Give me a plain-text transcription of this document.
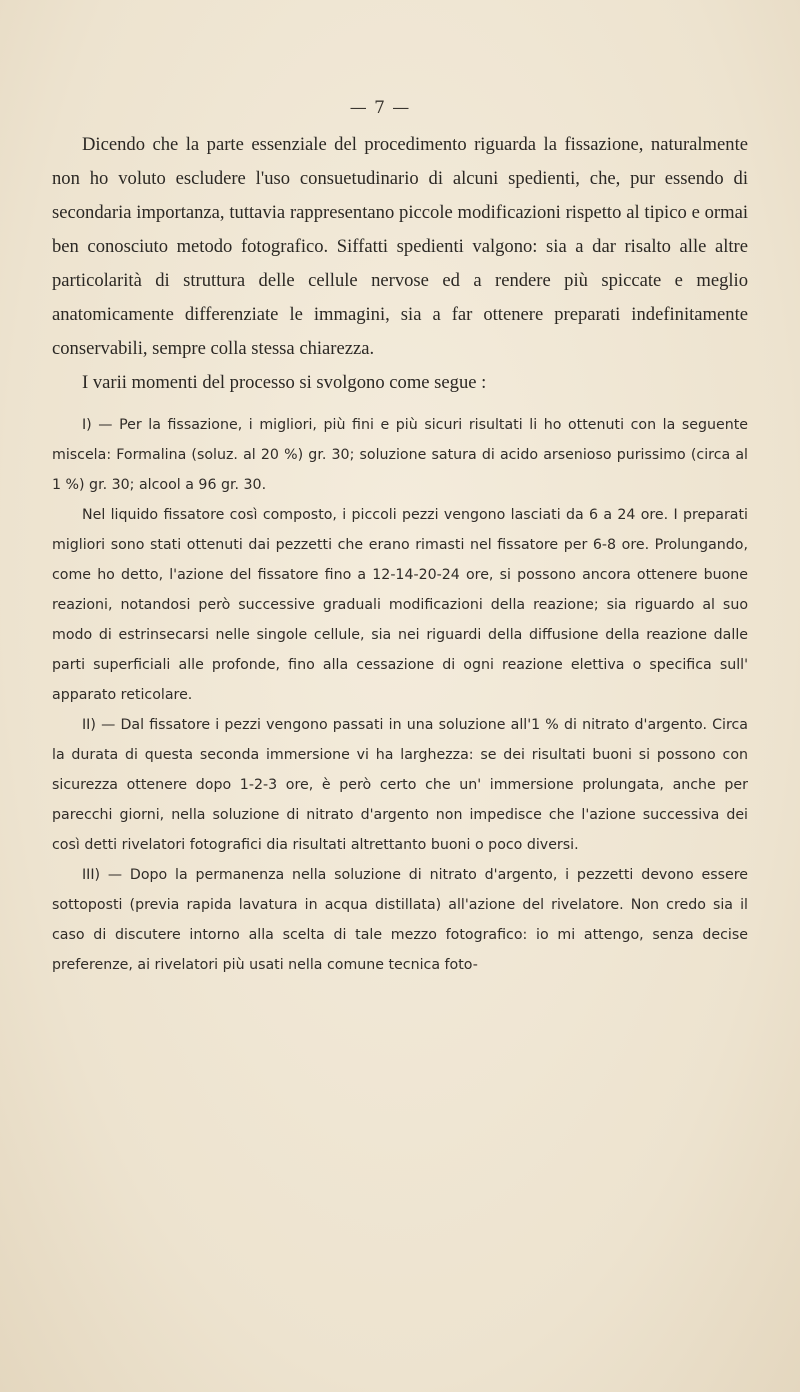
— 7 —

Dicendo che la parte essenziale del procedimento riguarda la fissazione, naturalmente non ho voluto escludere l'uso consuetudinario di alcuni spedienti, che, pur essendo di secondaria importanza, tuttavia rappresentano piccole modificazioni rispetto al tipico e ormai ben conosciuto metodo fotografico. Siffatti spedienti valgono: sia a dar risalto alle altre particolarità di struttura delle cellule nervose ed a rendere più spiccate e meglio anatomicamente differenziate le immagini, sia a far ottenere preparati indefinitamente conservabili, sempre colla stessa chiarezza.

I varii momenti del processo si svolgono come segue :

I) — Per la fissazione, i migliori, più fini e più sicuri risultati li ho ottenuti con la seguente miscela: Formalina (soluz. al 20 %) gr. 30; soluzione satura di acido arsenioso purissimo (circa al 1 %) gr. 30; alcool a 96 gr. 30.

Nel liquido fissatore così composto, i piccoli pezzi vengono lasciati da 6 a 24 ore. I preparati migliori sono stati ottenuti dai pezzetti che erano rimasti nel fissatore per 6-8 ore. Prolungando, come ho detto, l'azione del fissatore fino a 12-14-20-24 ore, si possono ancora ottenere buone reazioni, notandosi però successive graduali modificazioni della reazione; sia riguardo al suo modo di estrinsecarsi nelle singole cellule, sia nei riguardi della diffusione della reazione dalle parti superficiali alle profonde, fino alla cessazione di ogni reazione elettiva o specifica sull' apparato reticolare.

II) — Dal fissatore i pezzi vengono passati in una soluzione all'1 % di nitrato d'argento. Circa la durata di questa seconda immersione vi ha larghezza: se dei risultati buoni si possono con sicurezza ottenere dopo 1-2-3 ore, è però certo che un' immersione prolungata, anche per parecchi giorni, nella soluzione di nitrato d'argento non impedisce che l'azione successiva dei così detti rivelatori fotografici dia risultati altrettanto buoni o poco diversi.

III) — Dopo la permanenza nella soluzione di nitrato d'argento, i pezzetti devono essere sottoposti (previa rapida lavatura in acqua distillata) all'azione del rivelatore. Non credo sia il caso di discutere intorno alla scelta di tale mezzo fotografico: io mi attengo, senza decise preferenze, ai rivelatori più usati nella comune tecnica foto-
